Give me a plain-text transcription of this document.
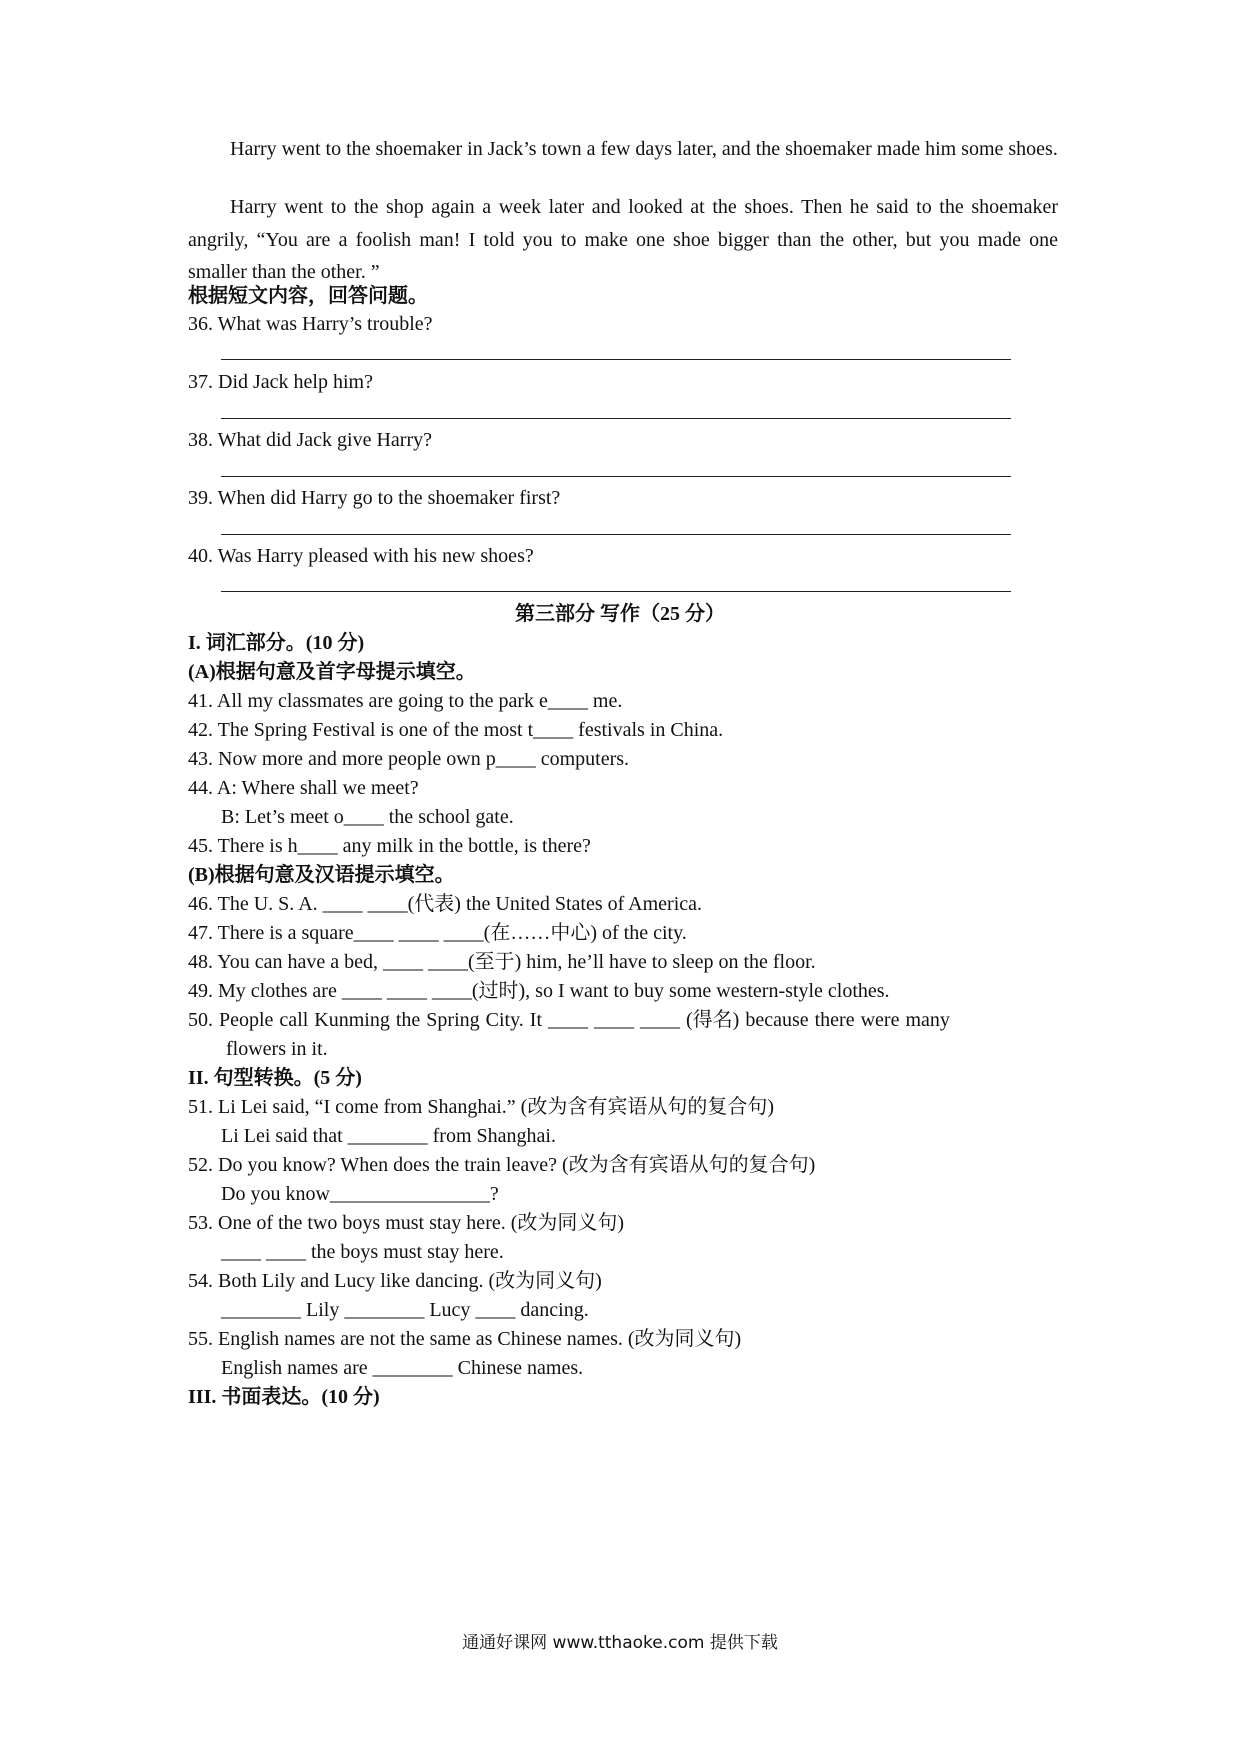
Harry went to the shoemaker in Jack’s town a few days later, and the shoemaker made him some shoes.
Harry went to the shop again a week later and looked at the shoes. Then he said to the shoemaker angrily, “You are a foolish man! I told you to make one shoe bigger than the other, but you made one smaller than the other. ”
根据短文内容，回答问题。
36. What was Harry’s trouble?
37. Did Jack help him?
38. What did Jack give Harry?
39. When did Harry go to the shoemaker first?
40. Was Harry pleased with his new shoes?
第三部分 写作（25 分）
I. 词汇部分。(10 分)
(A)根据句意及首字母提示填空。
41. All my classmates are going to the park e____ me.
42. The Spring Festival is one of the most t____ festivals in China.
43. Now more and more people own p____ computers.
44. A: Where shall we meet?
B: Let’s meet o____ the school gate.
45. There is h____ any milk in the bottle, is there?
(B)根据句意及汉语提示填空。
46. The U. S. A. ____ ____(代表) the United States of America.
47. There is a square____ ____ ____(在……中心) of the city.
48. You can have a bed, ____ ____(至于) him, he’ll have to sleep on the floor.
49. My clothes are ____ ____ ____(过时), so I want to buy some western-style clothes.
50. People call Kunming the Spring City. It ____ ____ ____ (得名) because there were many
flowers in it.
II. 句型转换。(5 分)
51. Li Lei said, “I come from Shanghai.” (改为含有宾语从句的复合句)
Li Lei said that ________ from Shanghai.
52. Do you know? When does the train leave? (改为含有宾语从句的复合句)
Do you know________________?
53. One of the two boys must stay here. (改为同义句)
____ ____ the boys must stay here.
54. Both Lily and Lucy like dancing. (改为同义句)
________ Lily ________ Lucy ____ dancing.
55. English names are not the same as Chinese names. (改为同义句)
English names are ________ Chinese names.
III. 书面表达。(10 分)
通通好课网 www.tthaoke.com 提供下载
